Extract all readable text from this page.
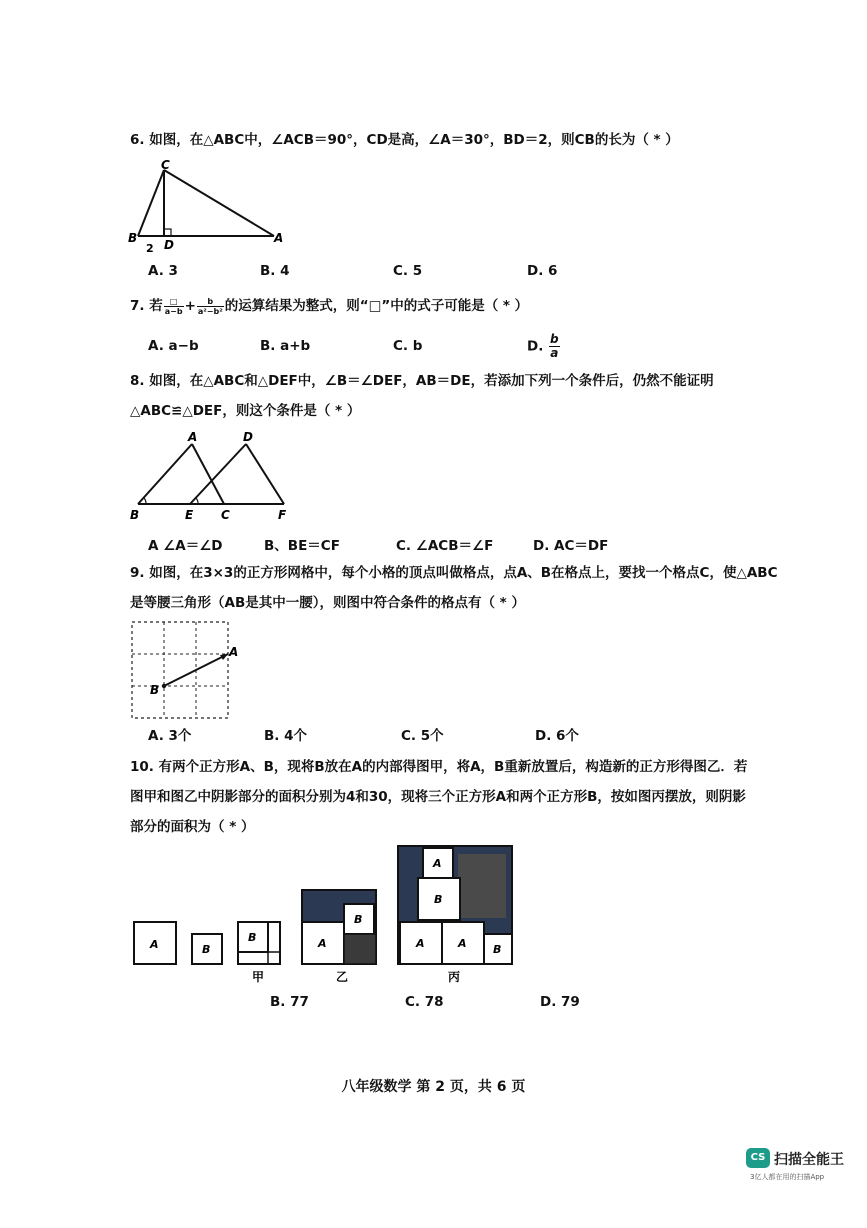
6. 如图，在△ABC中，∠ACB＝90°，CD是高，∠A＝30°，BD＝2，则CB的长为（ * ）
C
B D	A
2
A. 3	B. 4	C. 5	D. 6
7. 若 $\frac{□}{a-b} + \frac{b}{\text{a²−b²}}$ 的运算结果为整式，则“□”中的式子可能是（ * ）
A. a−b	B. a+b	C. b	D. $\frac{b}{a}$
8. 如图，在△ABC和△DEF中，∠B＝∠DEF，AB＝DE，若添加下列一个条件后，仍然不能证明
△ABC≌△DEF，则这个条件是（ * ）
A	D
B	E C	F
A ∠A＝∠D	B、BE＝CF	C. ∠ACB＝∠F	D. AC＝DF
9. 如图，在3×3的正方形网格中，每个小格的顶点叫做格点，点A、B在格点上，要找一个格点C，使△ABC
是等腰三角形（AB是其中一腰），则图中符合条件的格点有（ * ）
A
B
A. 3个	B. 4个	C. 5个	D. 6个
10. 有两个正方形A、B，现将B放在A的内部得图甲，将A，B重新放置后，构造新的正方形得图乙．若
图甲和图乙中阴影部分的面积分别为4和30，现将三个正方形A和两个正方形B，按如图丙摆放，则阴影
部分的面积为（ * ）
A	B
B
甲
B
A
乙
A
B
A	A B
丙
B. 77	C. 78	D. 79
八年级数学 第 2 页，共 6 页
CS 扫描全能王
3亿人都在用的扫描App
